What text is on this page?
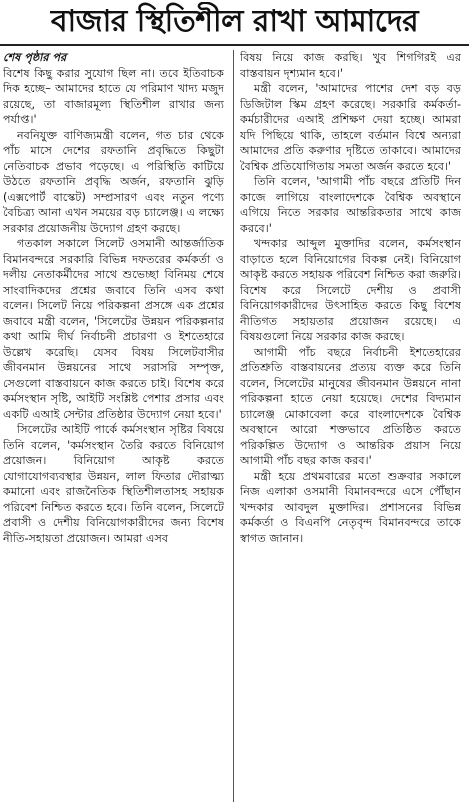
বাজার স্থিতিশীল রাখা আমাদের
শেষ পৃষ্ঠার পর

বিশেষ কিছু করার সুযোগ ছিল না। তবে ইতিবাচক দিক হচ্ছে– আমাদের হাতে যে পরিমাণ খাদ্য মজুদ রয়েছে, তা বাজারমূল্য স্থিতিশীল রাখার জন্য পর্যাপ্ত।'

নবনিযুক্ত বাণিজ্যমন্ত্রী বলেন, গত চার থেকে পাঁচ মাসে দেশের রফতানি প্রবৃদ্ধিতে কিছুটা নেতিবাচক প্রভাব পড়েছে। এ পরিস্থিতি কাটিয়ে উঠতে রফতানি প্রবৃদ্ধি অর্জন, রফতানি ঝুড়ি (এক্সপোর্ট বাস্কেট) সম্প্রসারণ এবং নতুন পণ্যে বৈচিত্র্য আনা এখন সময়ের বড় চ্যালেঞ্জ। এ লক্ষ্যে সরকার প্রয়োজনীয় উদ্যোগ গ্রহণ করছে।

গতকাল সকালে সিলেট ওসমানী আন্তর্জাতিক বিমানবন্দরে সরকারি বিভিন্ন দফতরের কর্মকর্তা ও দলীয় নেতাকর্মীদের সাথে শুভেচ্ছা বিনিময় শেষে সাংবাদিকদের প্রশ্নের জবাবে তিনি এসব কথা বলেন। সিলেট নিয়ে পরিকল্পনা প্রসঙ্গে এক প্রশ্নের জবাবে মন্ত্রী বলেন, 'সিলেটের উন্নয়ন পরিকল্পনার কথা আমি দীর্ঘ নির্বাচনী প্রচারণা ও ইশতেহারে উল্লেখ করেছি। যেসব বিষয় সিলেটবাসীর জীবনমান উন্নয়নের সাথে সরাসরি সম্পৃক্ত, সেগুলো বাস্তবায়নে কাজ করতে চাই। বিশেষ করে কর্মসংস্থান সৃষ্টি, আইটি সংশ্লিষ্ট পেশার প্রসার এবং একটি এআই সেন্টার প্রতিষ্ঠার উদ্যোগ নেয়া হবে।'

সিলেটের আইটি পার্কে কর্মসংস্থান সৃষ্টির বিষয়ে তিনি বলেন, 'কর্মসংস্থান তৈরি করতে বিনিয়োগ প্রয়োজন। বিনিয়োগ আকৃষ্ট করতে যোগাযোগব্যবস্থার উন্নয়ন, লাল ফিতার দৌরাত্ম্য কমানো এবং রাজনৈতিক স্থিতিশীলতাসহ সহায়ক পরিবেশ নিশ্চিত করতে হবে। তিনি বলেন, সিলেটে প্রবাসী ও দেশীয় বিনিয়োগকারীদের জন্য বিশেষ নীতি-সহায়তা প্রয়োজন। আমরা এসব

বিষয় নিয়ে কাজ করছি। খুব শিগগিরই এর বাস্তবায়ন দৃশ্যমান হবে।'

মন্ত্রী বলেন, 'আমাদের পাশের দেশ বড় বড় ডিজিটাল স্কিম গ্রহণ করেছে। সরকারি কর্মকর্তা-কর্মচারীদের এআই প্রশিক্ষণ দেয়া হচ্ছে। আমরা যদি পিছিয়ে থাকি, তাহলে বর্তমান বিশ্বে অন্যরা আমাদের প্রতি করুণার দৃষ্টিতে তাকাবে। আমাদের বৈশ্বিক প্রতিযোগিতায় সমতা অর্জন করতে হবে।'

তিনি বলেন, 'আগামী পাঁচ বছরে প্রতিটি দিন কাজে লাগিয়ে বাংলাদেশকে বৈশ্বিক অবস্থানে এগিয়ে নিতে সরকার আন্তরিকতার সাথে কাজ করবে।'

খন্দকার আব্দুল মুক্তাদির বলেন, কর্মসংস্থান বাড়াতে হলে বিনিয়োগের বিকল্প নেই। বিনিয়োগ আকৃষ্ট করতে সহায়ক পরিবেশ নিশ্চিত করা জরুরি। বিশেষ করে সিলেটে দেশীয় ও প্রবাসী বিনিয়োগকারীদের উৎসাহিত করতে কিছু বিশেষ নীতিগত সহায়তার প্রয়োজন রয়েছে। এ বিষয়গুলো নিয়ে সরকার কাজ করছে।

আগামী পাঁচ বছরে নির্বাচনী ইশতেহারের প্রতিশ্রুতি বাস্তবায়নের প্রত্যয় ব্যক্ত করে তিনি বলেন, সিলেটের মানুষের জীবনমান উন্নয়নে নানা পরিকল্পনা হাতে নেয়া হয়েছে। দেশের বিদ্যমান চ্যালেঞ্জ মোকাবেলা করে বাংলাদেশকে বৈশ্বিক অবস্থানে আরো শক্তভাবে প্রতিষ্ঠিত করতে পরিকল্পিত উদ্যোগ ও আন্তরিক প্রয়াস নিয়ে আগামী পাঁচ বছর কাজ করব।'

মন্ত্রী হয়ে প্রথমবারের মতো শুক্রবার সকালে নিজ এলাকা ওসমানী বিমানবন্দরে এসে পৌঁছান খন্দকার আবদুল মুক্তাদির। প্রশাসনের বিভিন্ন কর্মকর্তা ও বিএনপি নেতৃবৃন্দ বিমানবন্দরে তাকে স্বাগত জানান।
